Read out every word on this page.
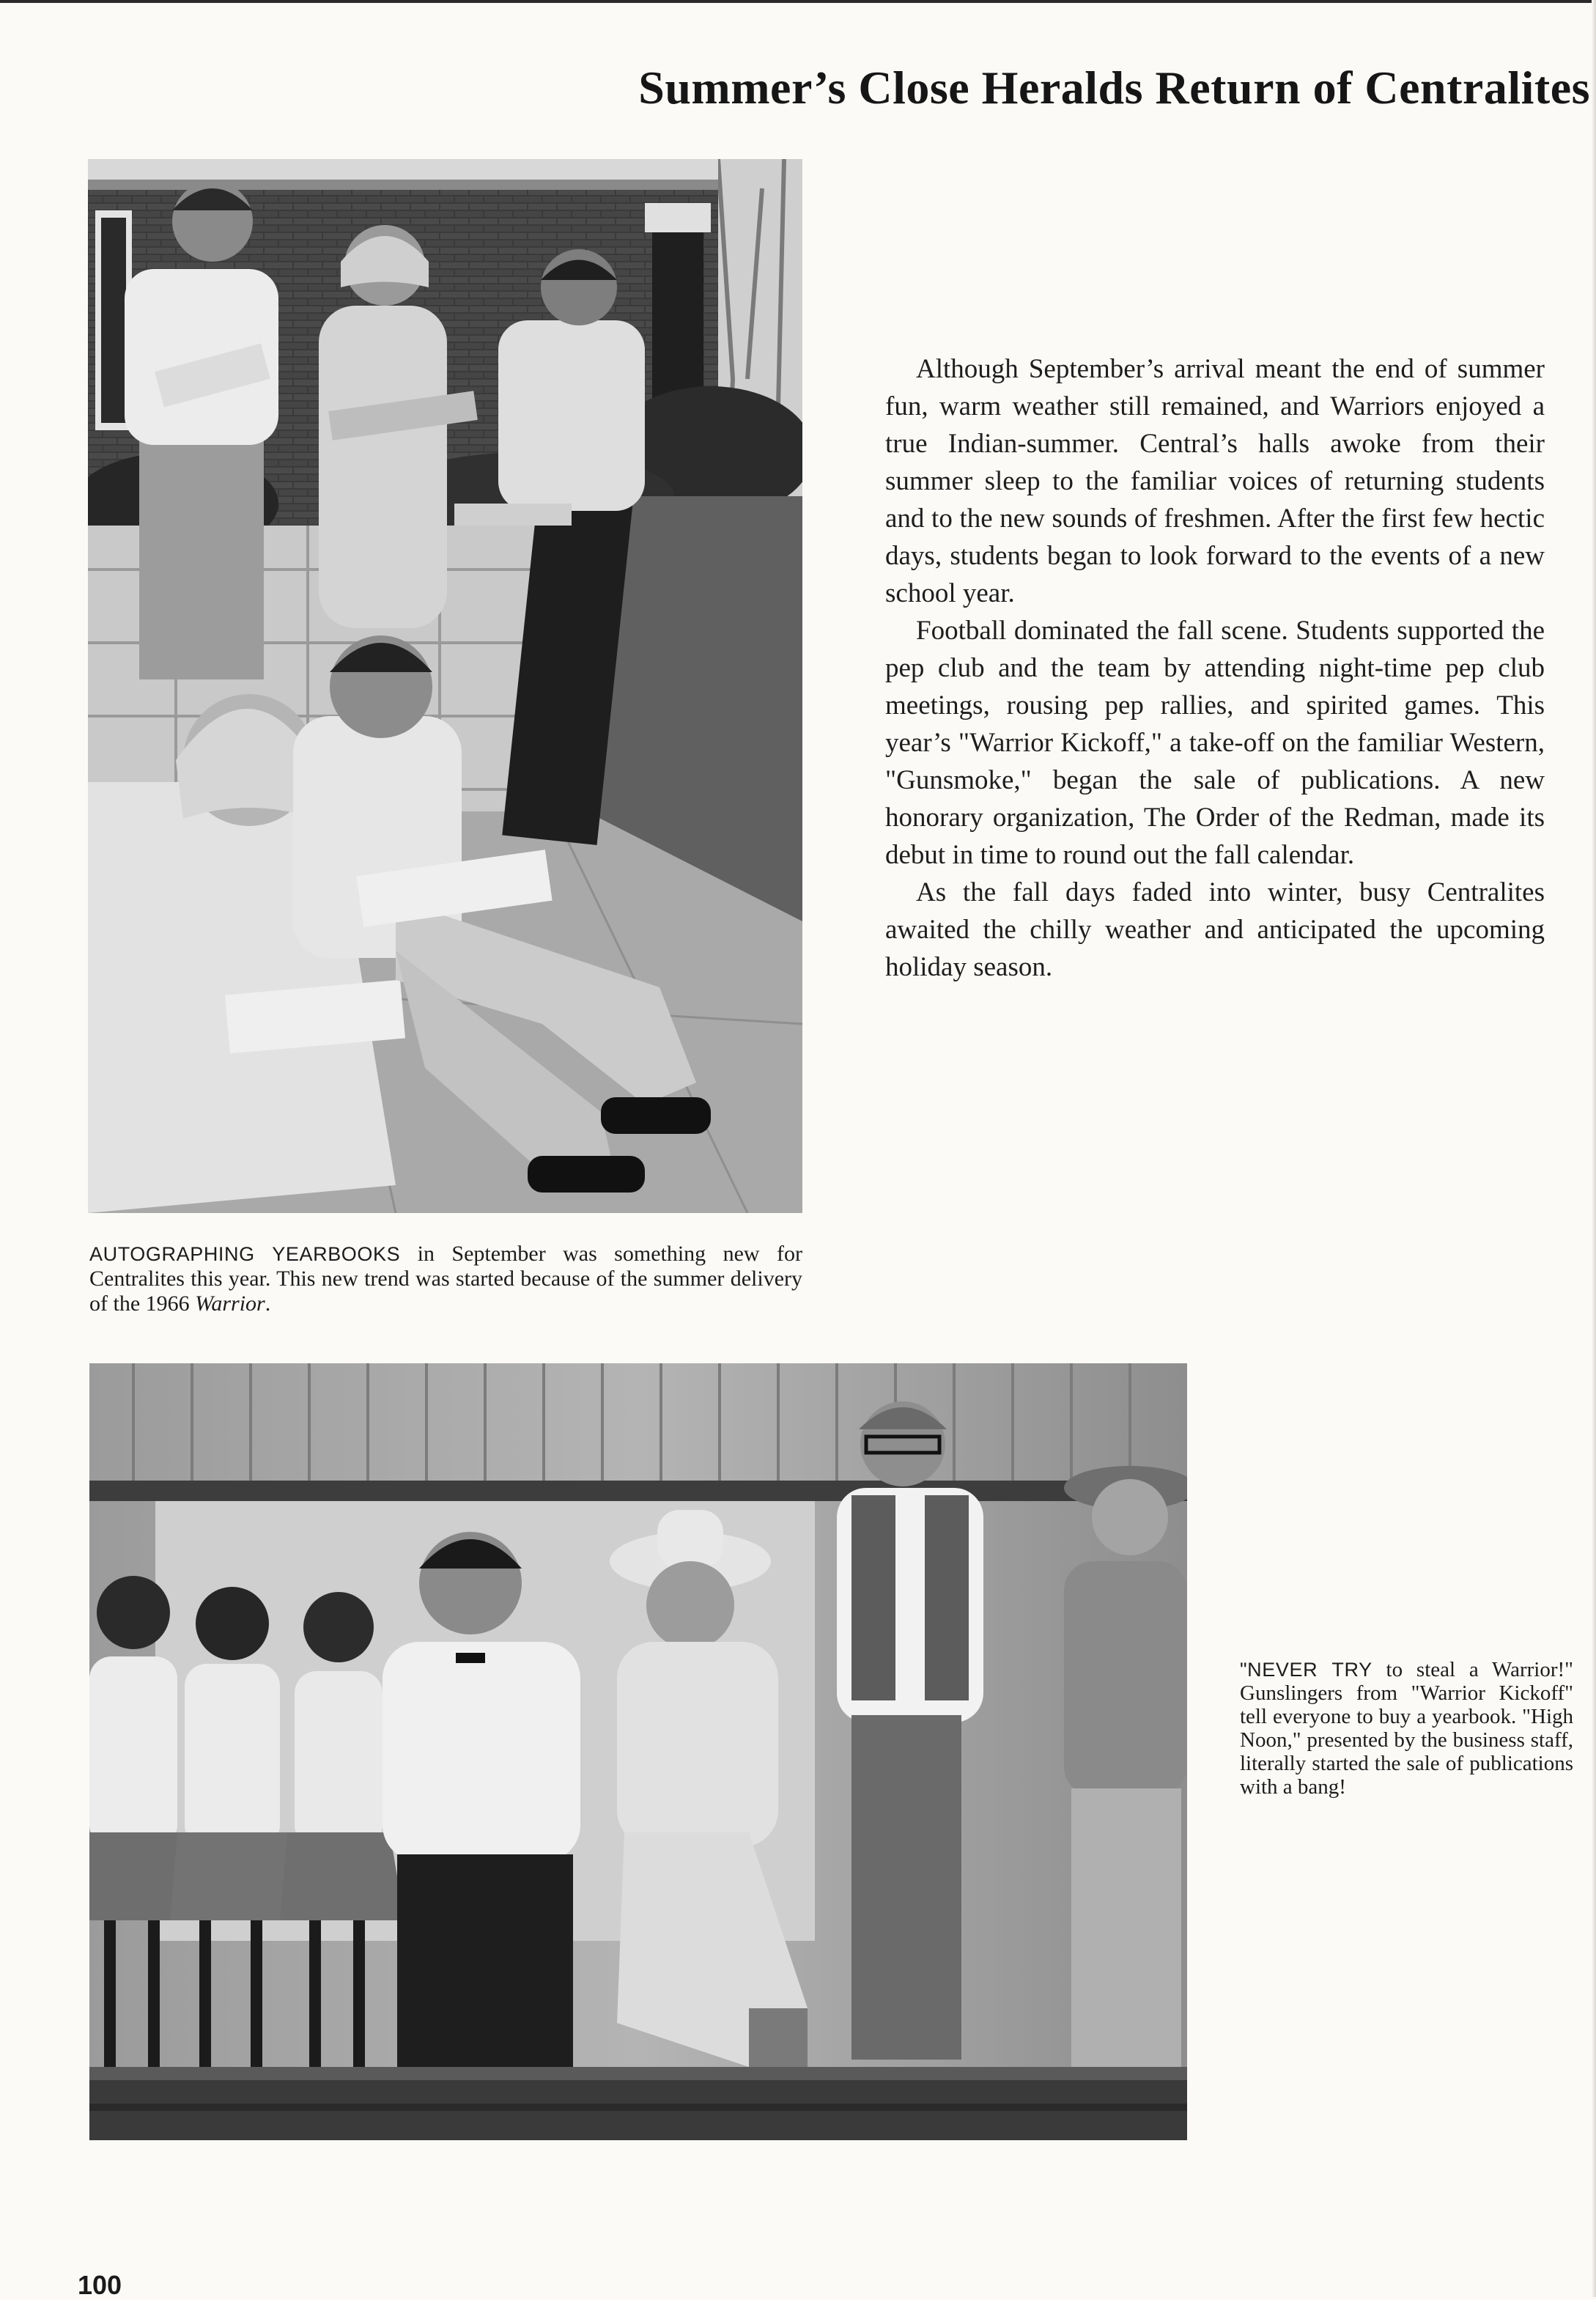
Summer’s Close Heralds Return of Centralites

AUTOGRAPHING YEARBOOKS in September was something new for Centralites this year. This new trend was started because of the summer delivery of the 1966 Warrior.

Although September’s arrival meant the end of summer fun, warm weather still remained, and Warriors enjoyed a true Indian-summer. Central’s halls awoke from their summer sleep to the familiar voices of returning students and to the new sounds of freshmen. After the first few hectic days, students began to look forward to the events of a new school year.

Football dominated the fall scene. Students supported the pep club and the team by attending night-time pep club meetings, rousing pep rallies, and spirited games. This year’s "Warrior Kickoff," a take-off on the familiar Western, "Gunsmoke," began the sale of publications. A new honorary organization, The Order of the Redman, made its debut in time to round out the fall calendar.

As the fall days faded into winter, busy Centralites awaited the chilly weather and anticipated the upcoming holiday season.

"NEVER TRY to steal a Warrior!" Gunslingers from "Warrior Kickoff" tell everyone to buy a yearbook. "High Noon," presented by the business staff, literally started the sale of publications with a bang!

100
